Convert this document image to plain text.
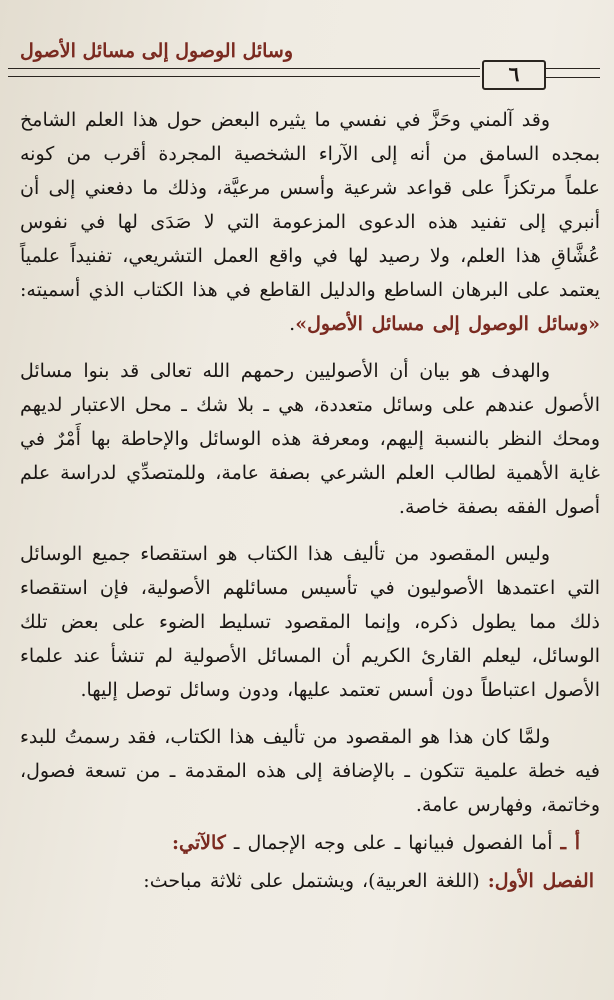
وسائل الوصول إلى مسائل الأصول
٦

وقد آلمني وحَزَّ في نفسي ما يثيره البعض حول هذا العلم الشامخ بمجده السامق من أنه إلى الآراء الشخصية المجردة أقرب من كونه علماً مرتكزاً على قواعد شرعية وأسس مرعيَّة، وذلك ما دفعني إلى أن أنبري إلى تفنيد هذه الدعوى المزعومة التي لا صَدَى لها في نفوس عُشَّاقِ هذا العلم، ولا رصيد لها في واقع العمل التشريعي، تفنيداً علمياً يعتمد على البرهان الساطع والدليل القاطع في هذا الكتاب الذي أسميته: «وسائل الوصول إلى مسائل الأصول».

والهدف هو بيان أن الأصوليين رحمهم الله تعالى قد بنوا مسائل الأصول عندهم على وسائل متعددة، هي ـ بلا شك ـ محل الاعتبار لديهم ومحك النظر بالنسبة إليهم، ومعرفة هذه الوسائل والإحاطة بها أَمْرٌ في غاية الأهمية لطالب العلم الشرعي بصفة عامة، وللمتصدِّي لدراسة علم أصول الفقه بصفة خاصة.

وليس المقصود من تأليف هذا الكتاب هو استقصاء جميع الوسائل التي اعتمدها الأصوليون في تأسيس مسائلهم الأصولية، فإن استقصاء ذلك مما يطول ذكره، وإنما المقصود تسليط الضوء على بعض تلك الوسائل، ليعلم القارئ الكريم أن المسائل الأصولية لم تنشأ عند علماء الأصول اعتباطاً دون أسس تعتمد عليها، ودون وسائل توصل إليها.

ولمَّا كان هذا هو المقصود من تأليف هذا الكتاب، فقد رسمتُ للبدء فيه خطة علمية تتكون ـ بالإضافة إلى هذه المقدمة ـ من تسعة فصول، وخاتمة، وفهارس عامة.

أ ـ أما الفصول فبيانها ـ على وجه الإجمال ـ كالآتي:
الفصل الأول: (اللغة العربية)، ويشتمل على ثلاثة مباحث:
